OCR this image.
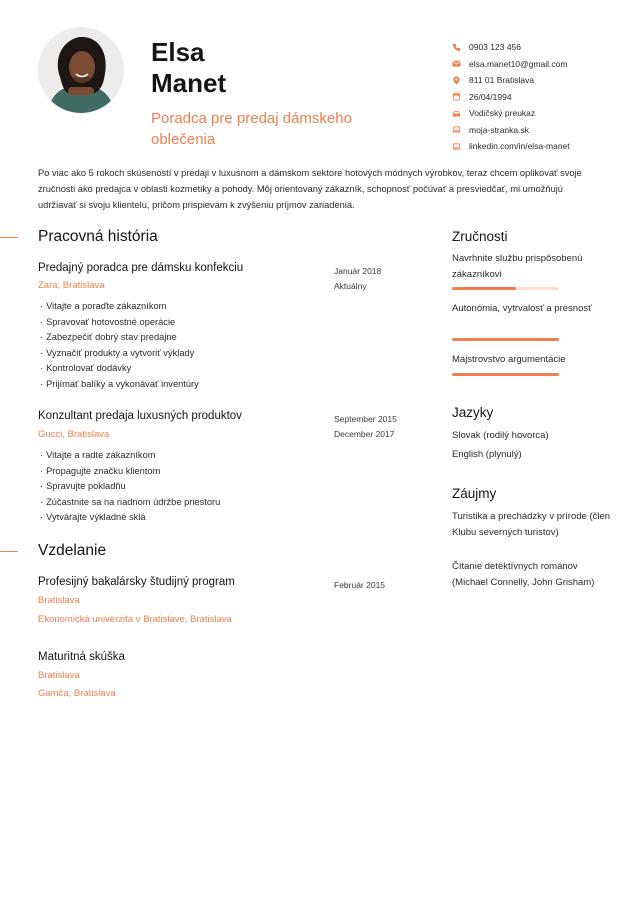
Elsa
Manet
Poradca pre predaj dámskeho oblečenia
0903 123 456
elsa.manet10@gmail.com
811 01 Bratislava
26/04/1994
Vodičský preukaz
moja-stranka.sk
linkedin.com/in/elsa-manet

Po viac ako 5 rokoch skúseností v predaji v luxusnom a dámskom sektore hotových módnych výrobkov, teraz chcem oplikovať svoje zručnosti ako predajca v oblasti kozmetiky a pohody. Môj orientovaný zákazník, schopnosť počúvať a presviedčať, mi umožňujú udržiavať si svoju klientelu, pričom prispievam k zvýšeniu príjmov zariadenia.

Pracovná história
Predajný poradca pre dámsku konfekciu
Zara, Bratislava
Január 2018
Aktuálny
· Vitajte a poraďte zákazníkom
· Spravovať hotovostné operácie
· Zabezpečiť dobrý stav predajne
· Vyznačiť produkty a vytvoriť výklady
· Kontrolovať dodávky
· Prijímať balíky a vykonávať inventúry
Konzultant predaja luxusných produktov
Gucci, Bratislava
September 2015
December 2017
· Vitajte a radte zákazníkom
· Propagujte značku klientom
· Spravujte pokladňu
· Zúčastnite sa na riadnom údržbe priestoru
· Vytvárajte výkladné sklá
Vzdelanie
Profesijný bakalársky študijný program	Február 2015
Bratislava
Ekonomická univerzita v Bratislave, Bratislava
Maturitná skúška
Bratislava
Gamča, Bratislava
Zručnosti
Navrhnite službu prispôsobenú zákazníkovi
Autonómia, vytrvalosť a presnosť
Majstrovstvo argumentácie
Jazyky
Slovak (rodilý hovorca)
English (plynulý)
Záujmy
Turistika a prechádzky v prírode (člen Klubu severných turistov)
Čítanie detektívnych románov (Michael Connelly, John Grisham)
